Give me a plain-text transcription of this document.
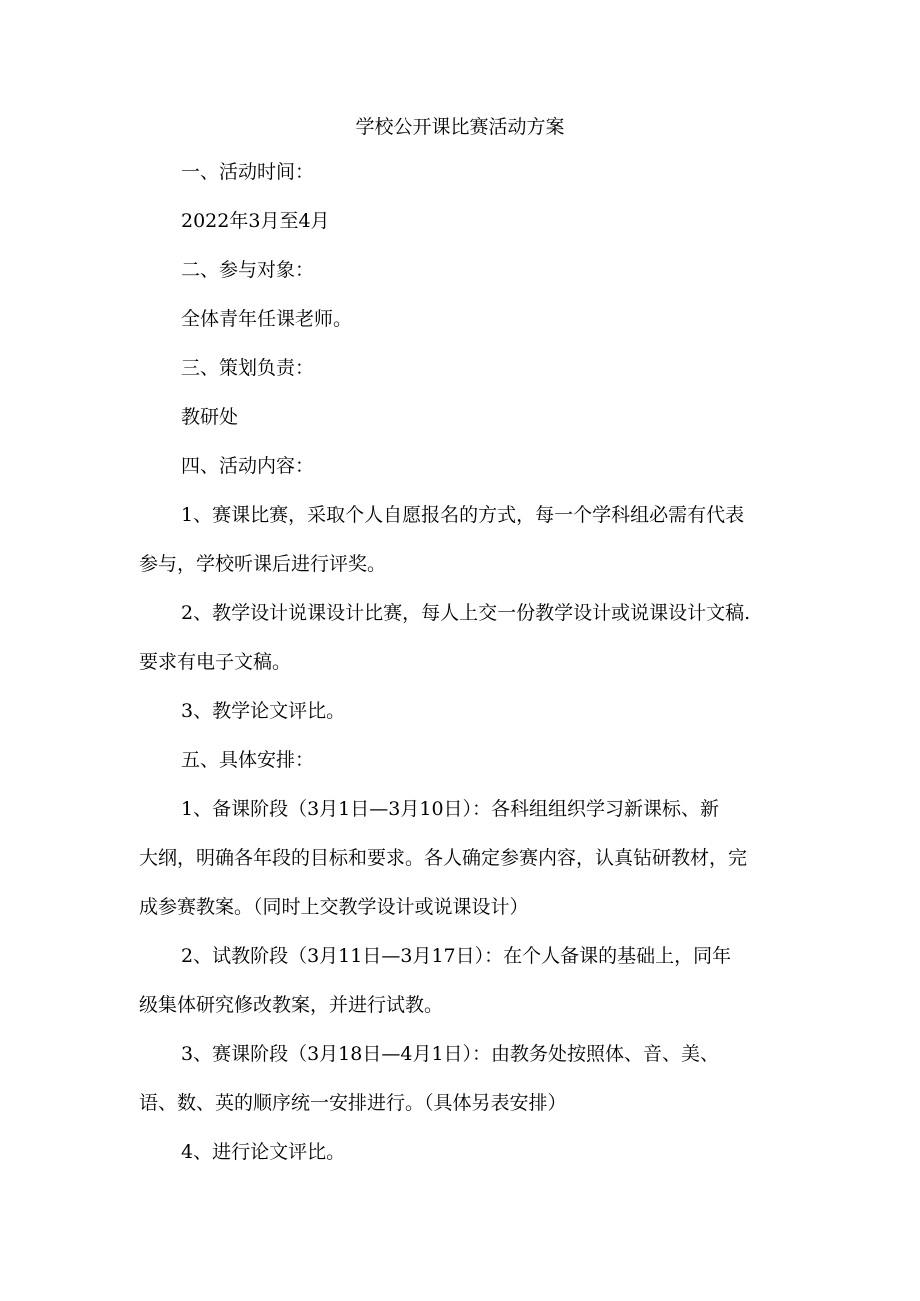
学校公开课比赛活动方案
一、活动时间：
2022年3月至4月
二、参与对象：
全体青年任课老师。
三、策划负责：
教研处
四、活动内容：
1、赛课比赛，采取个人自愿报名的方式，每一个学科组必需有代表
参与，学校听课后进行评奖。
2、教学设计说课设计比赛，每人上交一份教学设计或说课设计文稿.
要求有电子文稿。
3、教学论文评比。
五、具体安排：
1、备课阶段（3月1日—3月10日）：各科组组织学习新课标、新
大纲，明确各年段的目标和要求。各人确定参赛内容，认真钻研教材，完
成参赛教案。（同时上交教学设计或说课设计）
2、试教阶段（3月11日—3月17日）：在个人备课的基础上，同年
级集体研究修改教案，并进行试教。
3、赛课阶段（3月18日—4月1日）：由教务处按照体、音、美、
语、数、英的顺序统一安排进行。（具体另表安排）
4、进行论文评比。
